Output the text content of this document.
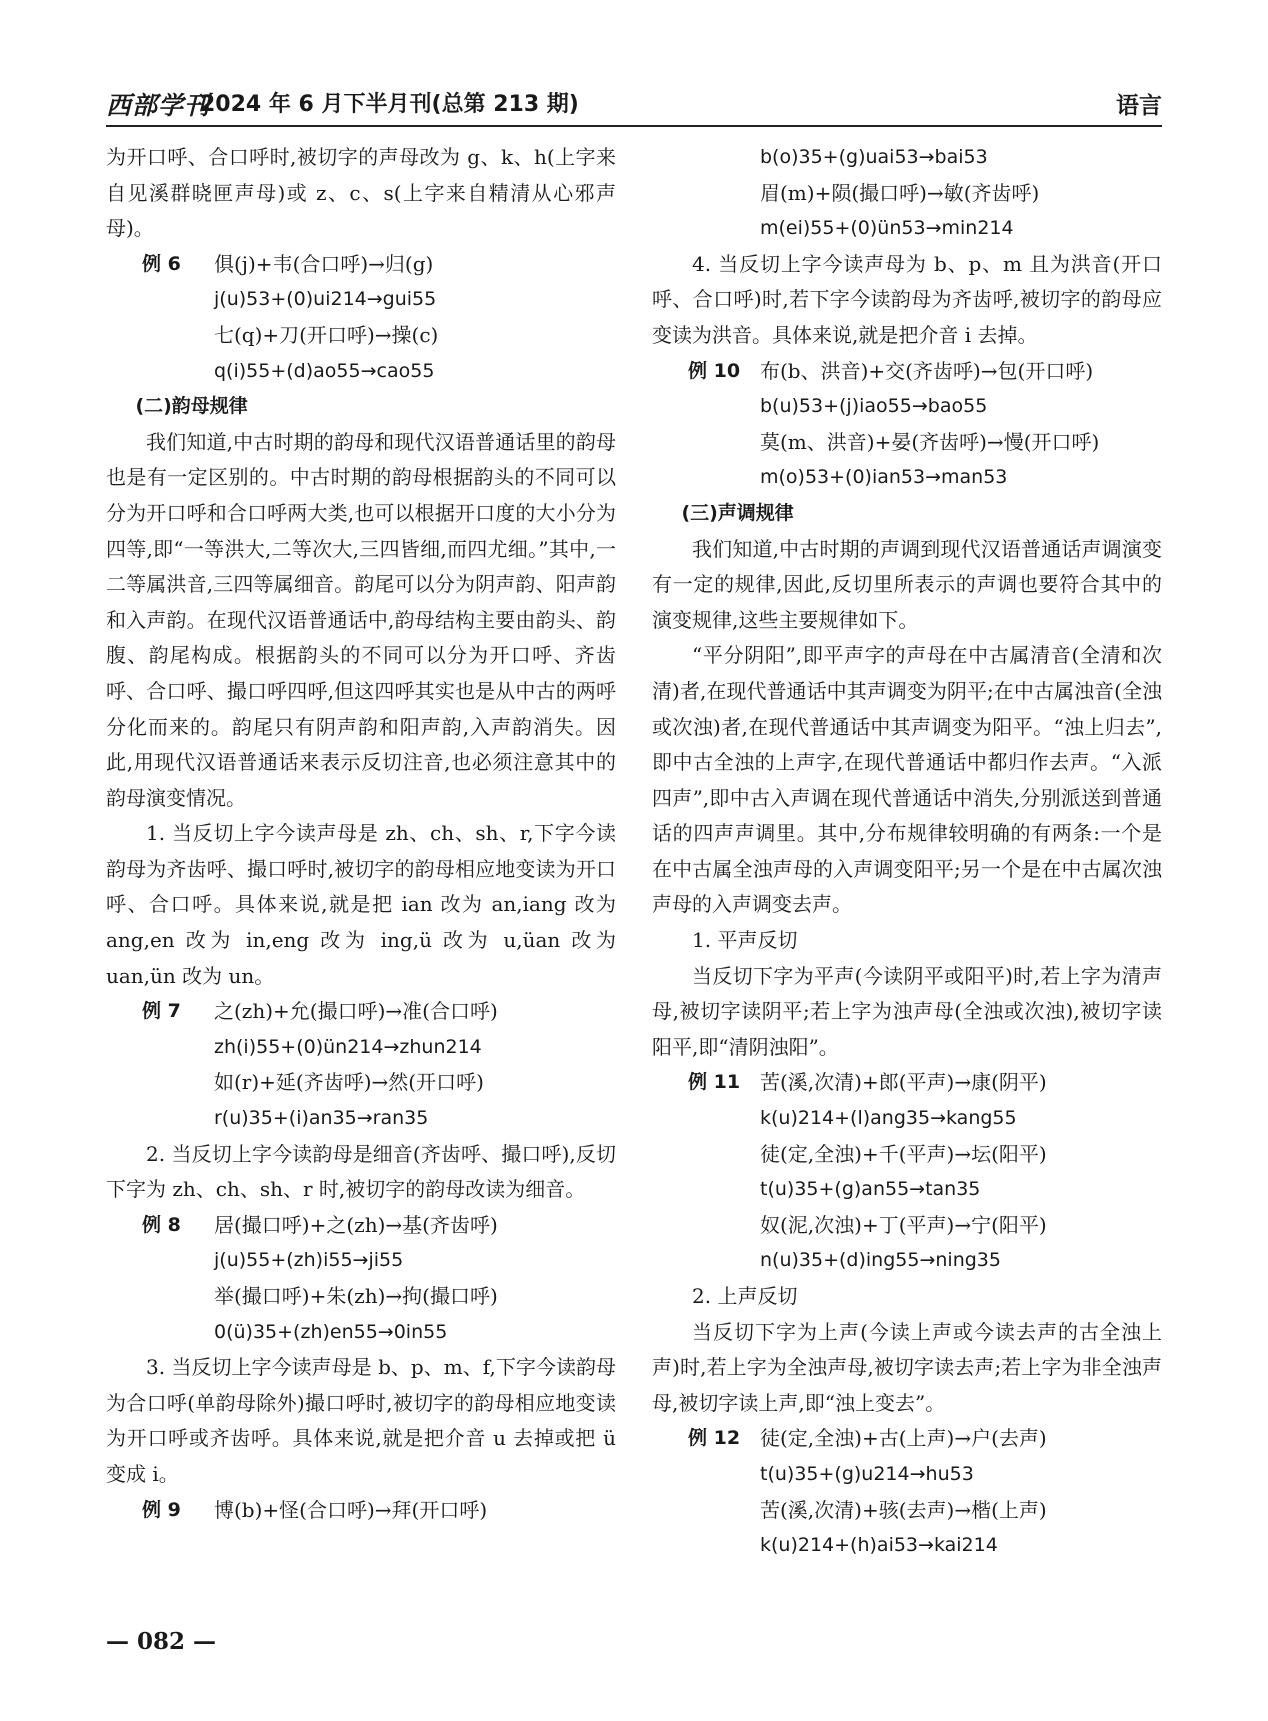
西部学刊
2024 年 6 月下半月刊(总第 213 期)	语言

为开口呼、合口呼时,被切字的声母改为 g、k、h(上字来自见溪群晓匣声母)或 z、c、s(上字来自精清从心邪声母)。

例 6 俱(j)+韦(合口呼)→归(g)
j(u)53+(0)ui214→gui55
七(q)+刀(开口呼)→操(c)
q(i)55+(d)ao55→cao55
(二)韵母规律

我们知道,中古时期的韵母和现代汉语普通话里的韵母也是有一定区别的。中古时期的韵母根据韵头的不同可以分为开口呼和合口呼两大类,也可以根据开口度的大小分为四等,即“一等洪大,二等次大,三四皆细,而四尤细。”其中,一二等属洪音,三四等属细音。韵尾可以分为阴声韵、阳声韵和入声韵。在现代汉语普通话中,韵母结构主要由韵头、韵腹、韵尾构成。根据韵头的不同可以分为开口呼、齐齿呼、合口呼、撮口呼四呼,但这四呼其实也是从中古的两呼分化而来的。韵尾只有阴声韵和阳声韵,入声韵消失。因此,用现代汉语普通话来表示反切注音,也必须注意其中的韵母演变情况。

1. 当反切上字今读声母是 zh、ch、sh、r,下字今读韵母为齐齿呼、撮口呼时,被切字的韵母相应地变读为开口呼、合口呼。具体来说,就是把 ian 改为 an,iang 改为 ang,en 改为 in,eng 改为 ing,ü 改为 u,üan 改为 uan,ün 改为 un。

例 7 之(zh)+允(撮口呼)→准(合口呼)
zh(i)55+(0)ün214→zhun214
如(r)+延(齐齿呼)→然(开口呼)
r(u)35+(i)an35→ran35

2. 当反切上字今读韵母是细音(齐齿呼、撮口呼),反切下字为 zh、ch、sh、r 时,被切字的韵母改读为细音。

例 8 居(撮口呼)+之(zh)→基(齐齿呼)
j(u)55+(zh)i55→ji55
举(撮口呼)+朱(zh)→拘(撮口呼)
0(ü)35+(zh)en55→0in55

3. 当反切上字今读声母是 b、p、m、f,下字今读韵母为合口呼(单韵母除外)撮口呼时,被切字的韵母相应地变读为开口呼或齐齿呼。具体来说,就是把介音 u 去掉或把 ü 变成 i。

例 9 博(b)+怪(合口呼)→拜(开口呼)
b(o)35+(g)uai53→bai53
眉(m)+陨(撮口呼)→敏(齐齿呼)
m(ei)55+(0)ün53→min214

4. 当反切上字今读声母为 b、p、m 且为洪音(开口呼、合口呼)时,若下字今读韵母为齐齿呼,被切字的韵母应变读为洪音。具体来说,就是把介音 i 去掉。

例 10 布(b、洪音)+交(齐齿呼)→包(开口呼)
b(u)53+(j)iao55→bao55
莫(m、洪音)+晏(齐齿呼)→慢(开口呼)
m(o)53+(0)ian53→man53
(三)声调规律

我们知道,中古时期的声调到现代汉语普通话声调演变有一定的规律,因此,反切里所表示的声调也要符合其中的演变规律,这些主要规律如下。

“平分阴阳”,即平声字的声母在中古属清音(全清和次清)者,在现代普通话中其声调变为阴平;在中古属浊音(全浊或次浊)者,在现代普通话中其声调变为阳平。“浊上归去”,即中古全浊的上声字,在现代普通话中都归作去声。“入派四声”,即中古入声调在现代普通话中消失,分别派送到普通话的四声声调里。其中,分布规律较明确的有两条:一个是在中古属全浊声母的入声调变阳平;另一个是在中古属次浊声母的入声调变去声。

1. 平声反切

当反切下字为平声(今读阴平或阳平)时,若上字为清声母,被切字读阴平;若上字为浊声母(全浊或次浊),被切字读阳平,即“清阴浊阳”。

例 11 苦(溪,次清)+郎(平声)→康(阴平)
k(u)214+(l)ang35→kang55
徒(定,全浊)+千(平声)→坛(阳平)
t(u)35+(g)an55→tan35
奴(泥,次浊)+丁(平声)→宁(阳平)
n(u)35+(d)ing55→ning35

2. 上声反切

当反切下字为上声(今读上声或今读去声的古全浊上声)时,若上字为全浊声母,被切字读去声;若上字为非全浊声母,被切字读上声,即“浊上变去”。

例 12 徒(定,全浊)+古(上声)→户(去声)
t(u)35+(g)u214→hu53
苦(溪,次清)+骇(去声)→楷(上声)
k(u)214+(h)ai53→kai214
— 082 —
